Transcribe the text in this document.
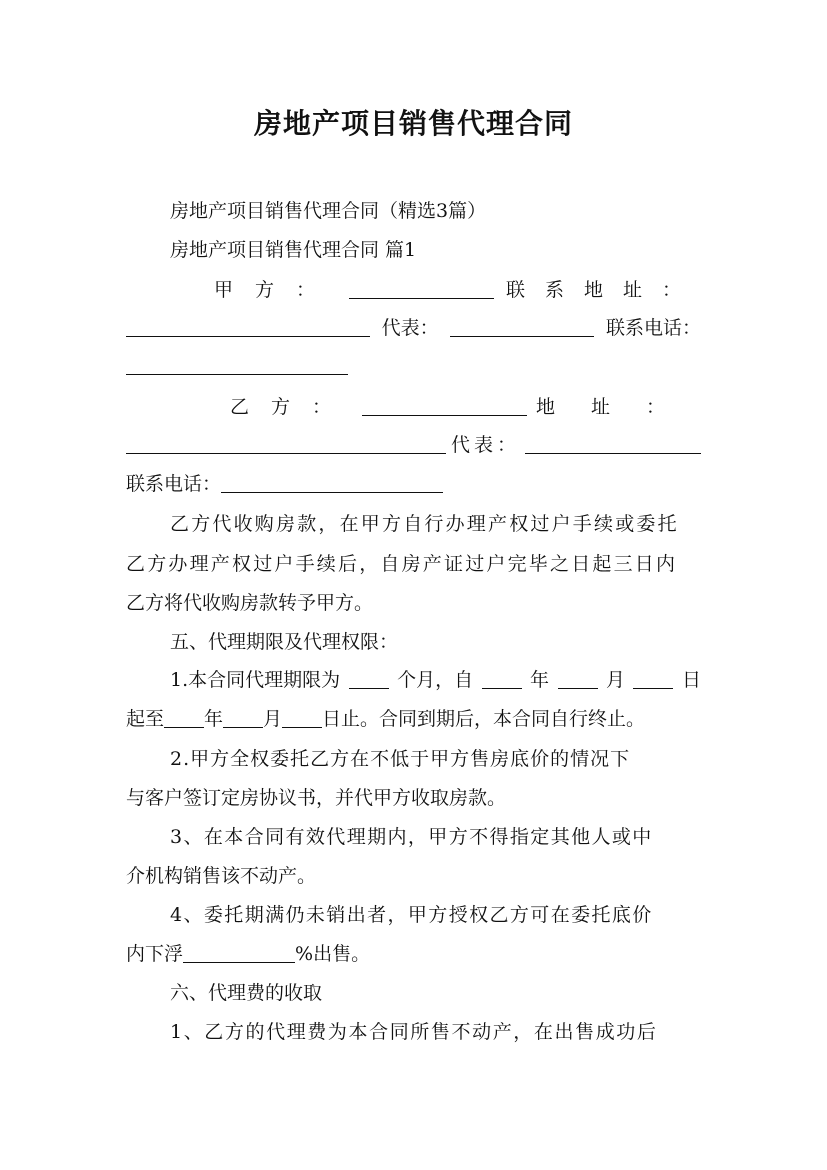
房地产项目销售代理合同
房地产项目销售代理合同（精选3篇）
房地产项目销售代理合同 篇1
甲方：	联系地址：
代表：	联系电话：
乙方：	地址：
代表：
联系电话：
乙方代收购房款，在甲方自行办理产权过户手续或委托
乙方办理产权过户手续后，自房产证过户完毕之日起三日内
乙方将代收购房款转予甲方。
五、代理期限及代理权限：
1.本合同代理期限为	个月，自	年	月	日
起至 年 月 日止。合同到期后，本合同自行终止。
2.甲方全权委托乙方在不低于甲方售房底价的情况下
与客户签订定房协议书，并代甲方收取房款。
3、在本合同有效代理期内，甲方不得指定其他人或中
介机构销售该不动产。
4、委托期满仍未销出者，甲方授权乙方可在委托底价
内下浮	%出售。
六、代理费的收取
1、乙方的代理费为本合同所售不动产，在出售成功后
